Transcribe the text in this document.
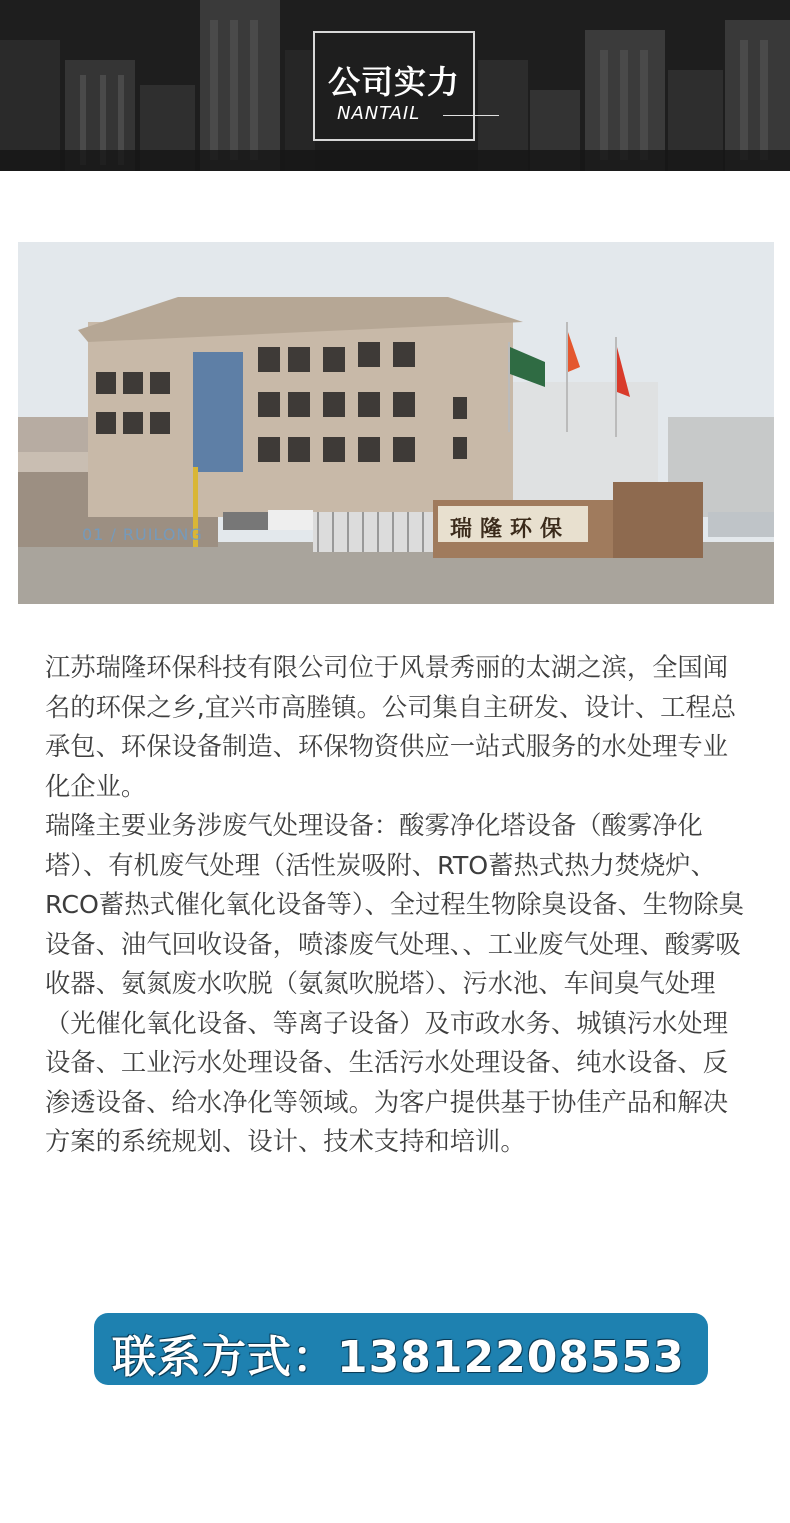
公司实力
NANTAIL
01 / RUILONG	瑞隆环保

江苏瑞隆环保科技有限公司位于风景秀丽的太湖之滨，全国闻名的环保之乡,宜兴市高塍镇。公司集自主研发、设计、工程总承包、环保设备制造、环保物资供应一站式服务的水处理专业化企业。

瑞隆主要业务涉废气处理设备：酸雾净化塔设备（酸雾净化塔）、有机废气处理（活性炭吸附、RTO蓄热式热力焚烧炉、RCO蓄热式催化氧化设备等）、全过程生物除臭设备、生物除臭设备、油气回收设备，喷漆废气处理、、工业废气处理、酸雾吸收器、氨氮废水吹脱（氨氮吹脱塔）、污水池、车间臭气处理（光催化氧化设备、等离子设备）及市政水务、城镇污水处理设备、工业污水处理设备、生活污水处理设备、纯水设备、反渗透设备、给水净化等领域。为客户提供基于协佳产品和解决方案的系统规划、设计、技术支持和培训。

联系方式：13812208553
